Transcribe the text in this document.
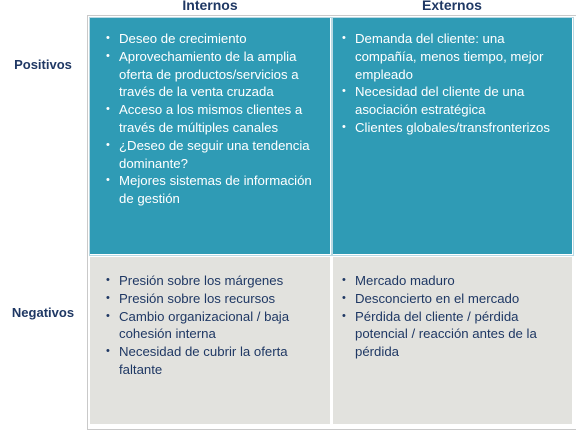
Internos	Externos
Positivos
Negativos
• Deseo de crecimiento
• Aprovechamiento de la amplia oferta de productos/servicios a través de la venta cruzada
• Acceso a los mismos clientes a través de múltiples canales
• ¿Deseo de seguir una tendencia dominante?
• Mejores sistemas de información de gestión
• Demanda del cliente: una compañía, menos tiempo, mejor empleado
• Necesidad del cliente de una asociación estratégica
• Clientes globales/transfronterizos
• Presión sobre los márgenes
• Presión sobre los recursos
• Cambio organizacional / baja cohesión interna
• Necesidad de cubrir la oferta faltante
• Mercado maduro
• Desconcierto en el mercado
• Pérdida del cliente / pérdida potencial / reacción antes de la pérdida
